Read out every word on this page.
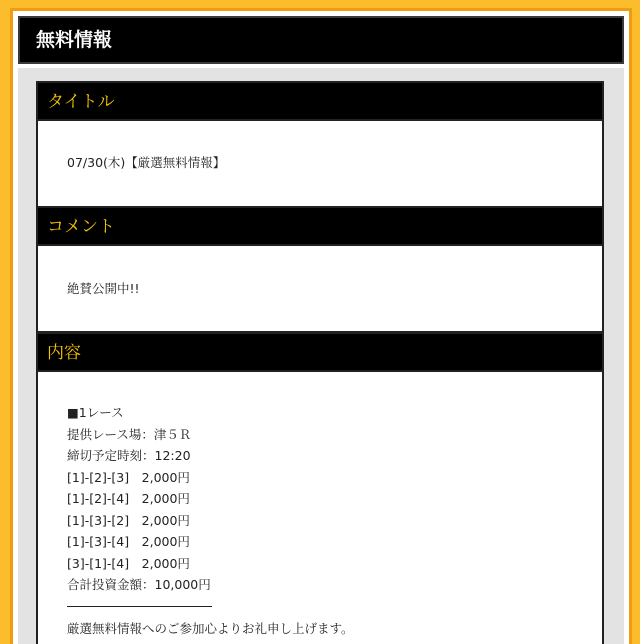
無料情報
タイトル
07/30(木)【厳選無料情報】
コメント
絶賛公開中!!
内容
■1レース
提供レース場：津５Ｒ
締切予定時刻：12:20
[1]-[2]-[3]　2,000円
[1]-[2]-[4]　2,000円
[1]-[3]-[2]　2,000円
[1]-[3]-[4]　2,000円
[3]-[1]-[4]　2,000円
合計投資金額：10,000円
厳選無料情報へのご参加心よりお礼申し上げます。
